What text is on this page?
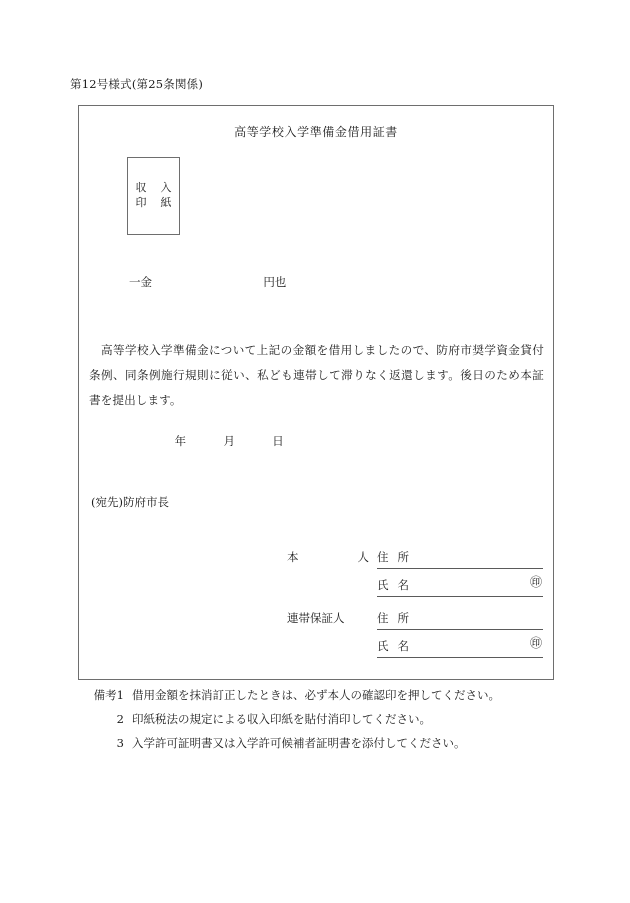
第12号様式(第25条関係)
高等学校入学準備金借用証書
収 入
印 紙
一金	円也
高等学校入学準備金について上記の金額を借用しましたので、防府市奨学資金貸付条例、同条例施行規則に従い、私ども連帯して滞りなく返還します。後日のため本証書を提出します。
年	月	日
(宛先)防府市長
本	人 住 所
氏 名	㊞
連帯保証人	住 所
氏 名	㊞
備考1 借用金額を抹消訂正したときは、必ず本人の確認印を押してください。
2 印紙税法の規定による収入印紙を貼付消印してください。
3 入学許可証明書又は入学許可候補者証明書を添付してください。
